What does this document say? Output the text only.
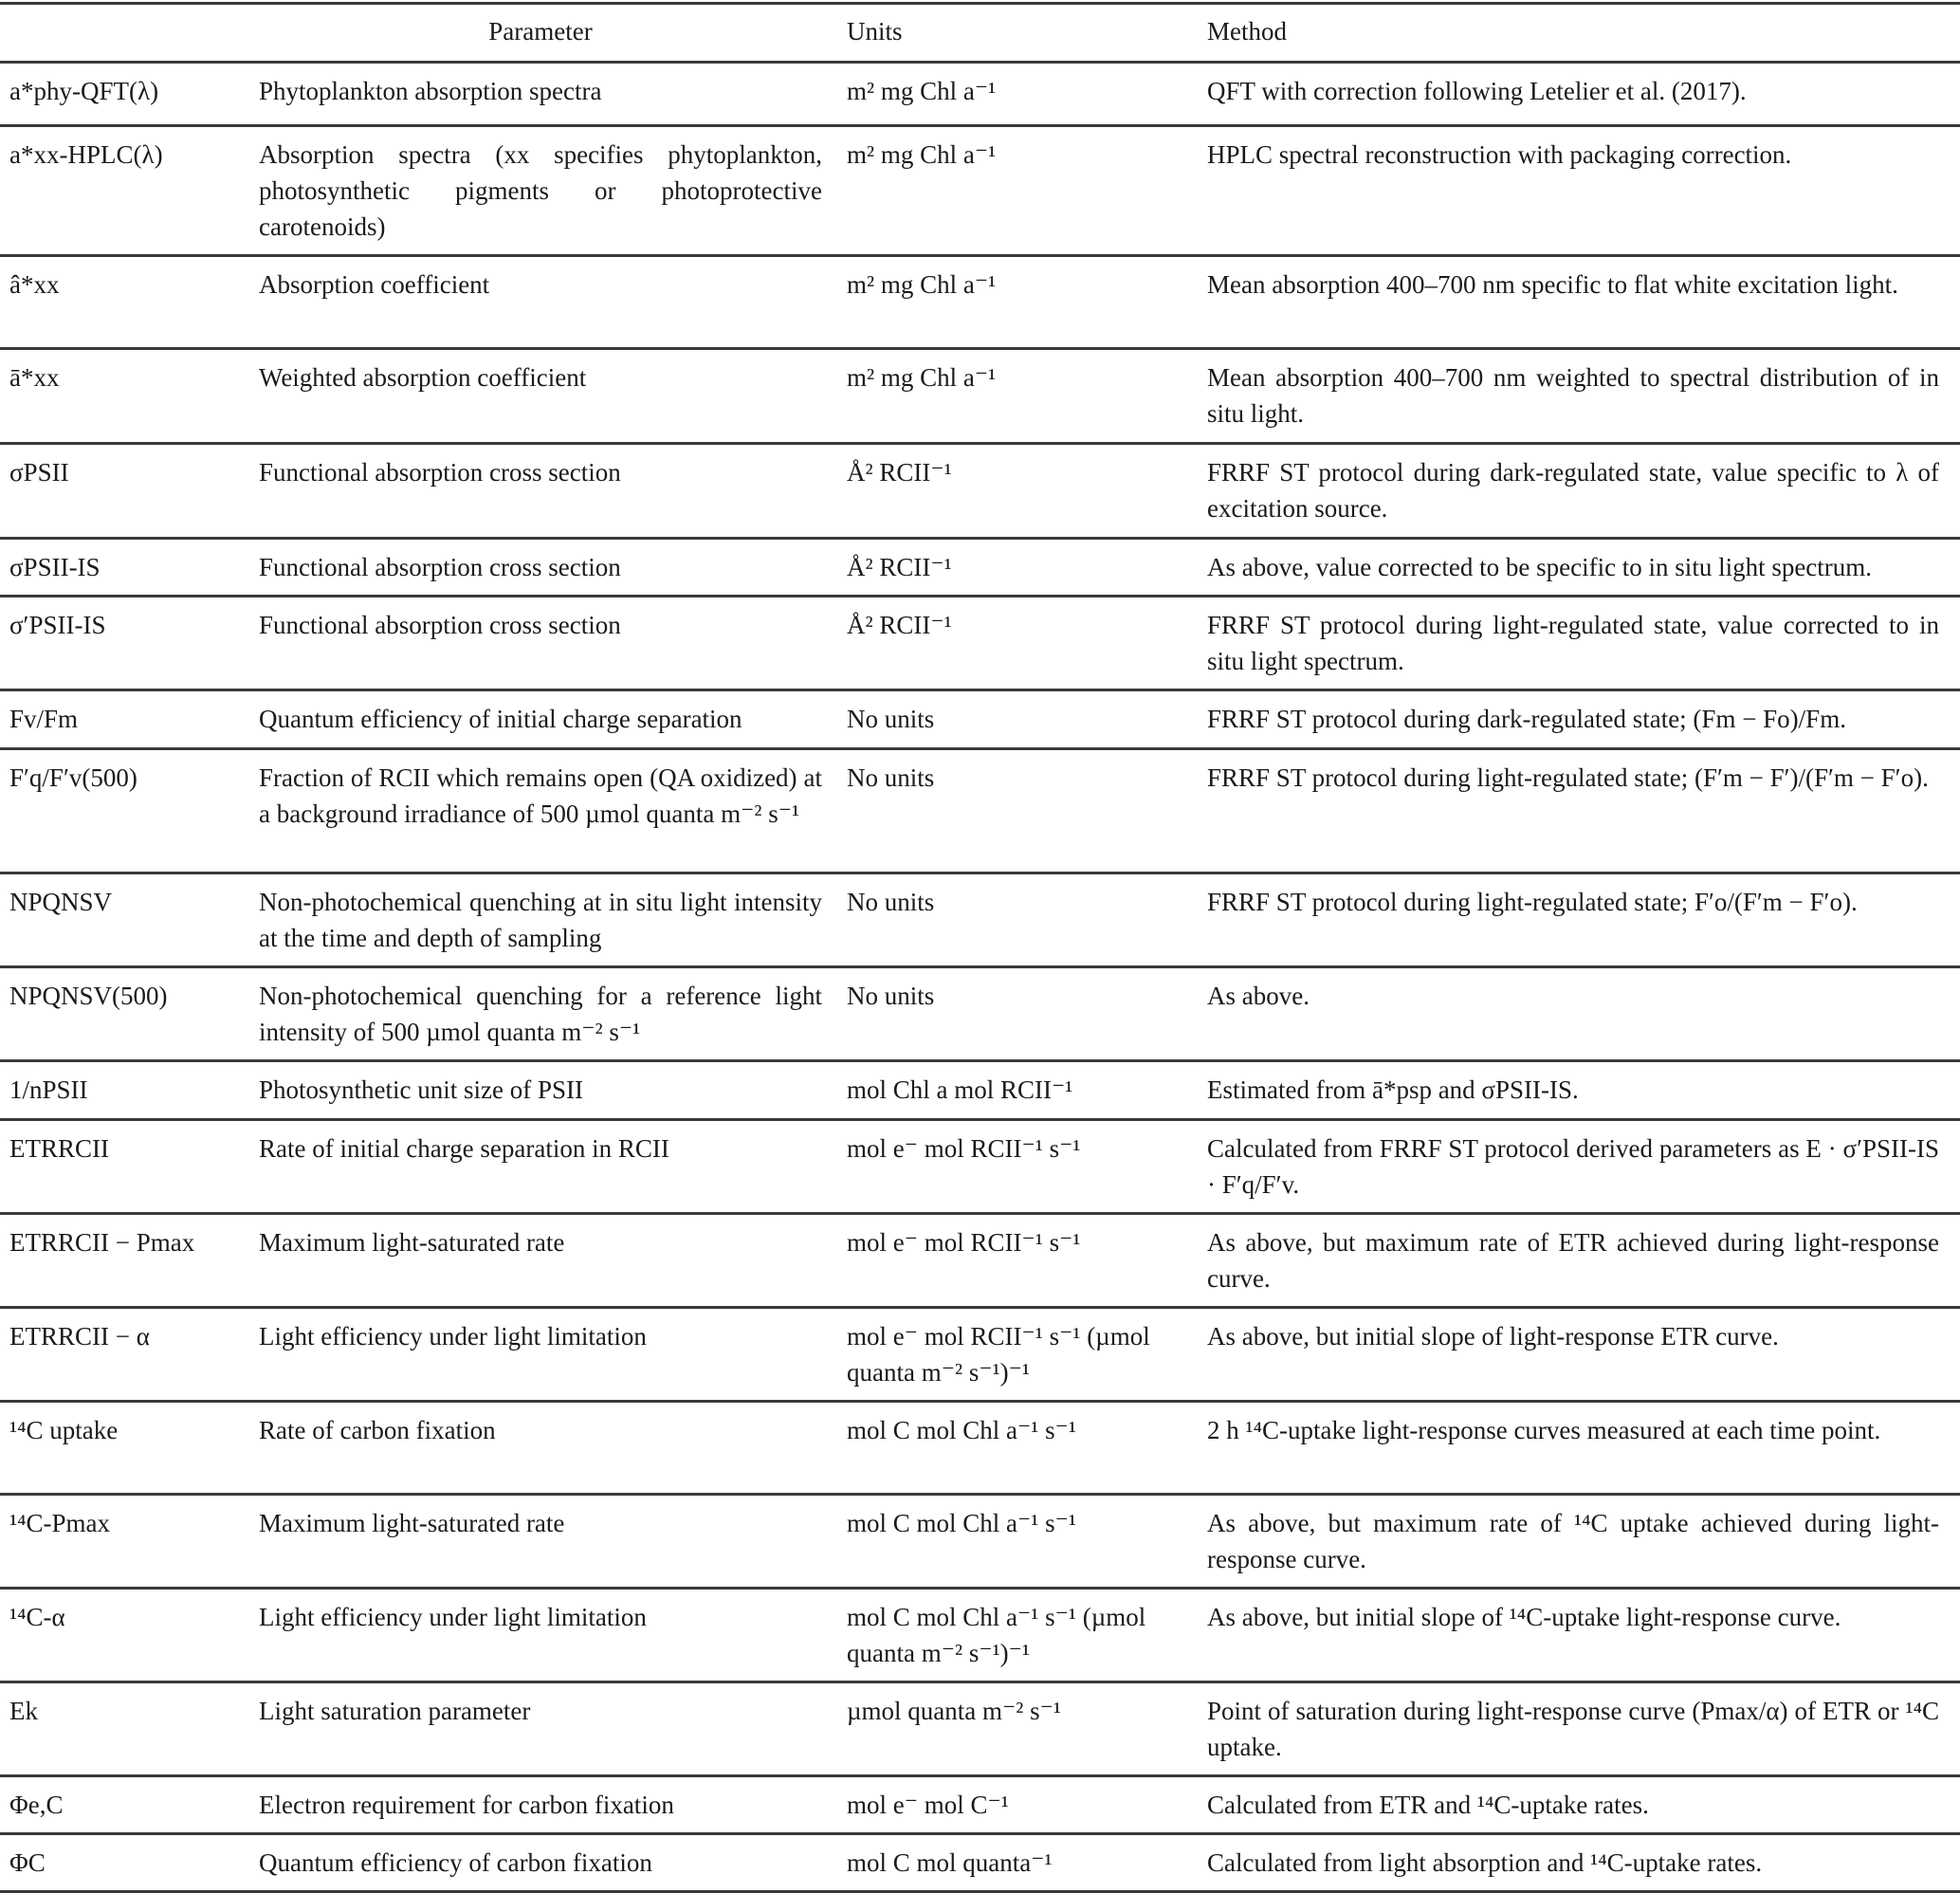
	Parameter	Units	Method
a*phy-QFT(λ)	Phytoplankton absorption spectra	m² mg Chl a⁻¹	QFT with correction following Letelier et al. (2017).
a*xx-HPLC(λ)	Absorption spectra (xx specifies phytoplankton, photosynthetic pigments or photoprotective carotenoids)	m² mg Chl a⁻¹	HPLC spectral reconstruction with packaging correction.
â*xx	Absorption coefficient	m² mg Chl a⁻¹	Mean absorption 400–700 nm specific to flat white excitation light.
ā*xx	Weighted absorption coefficient	m² mg Chl a⁻¹	Mean absorption 400–700 nm weighted to spectral distribution of in situ light.
σPSII	Functional absorption cross section	Å² RCII⁻¹	FRRF ST protocol during dark-regulated state, value specific to λ of excitation source.
σPSII-IS	Functional absorption cross section	Å² RCII⁻¹	As above, value corrected to be specific to in situ light spectrum.
σ′PSII-IS	Functional absorption cross section	Å² RCII⁻¹	FRRF ST protocol during light-regulated state, value corrected to in situ light spectrum.
Fv/Fm	Quantum efficiency of initial charge separation	No units	FRRF ST protocol during dark-regulated state; (Fm − Fo)/Fm.
F′q/F′v(500)	Fraction of RCII which remains open (QA oxidized) at a background irradiance of 500 µmol quanta m⁻² s⁻¹	No units	FRRF ST protocol during light-regulated state; (F′m − F′)/(F′m − F′o).
NPQNSV	Non-photochemical quenching at in situ light intensity at the time and depth of sampling	No units	FRRF ST protocol during light-regulated state; F′o/(F′m − F′o).
NPQNSV(500)	Non-photochemical quenching for a reference light intensity of 500 µmol quanta m⁻² s⁻¹	No units	As above.
1/nPSII	Photosynthetic unit size of PSII	mol Chl a mol RCII⁻¹	Estimated from ā*psp and σPSII-IS.
ETRRCII	Rate of initial charge separation in RCII	mol e⁻ mol RCII⁻¹ s⁻¹	Calculated from FRRF ST protocol derived parameters as E · σ′PSII-IS · F′q/F′v.
ETRRCII − Pmax	Maximum light-saturated rate	mol e⁻ mol RCII⁻¹ s⁻¹	As above, but maximum rate of ETR achieved during light-response curve.
ETRRCII − α	Light efficiency under light limitation	mol e⁻ mol RCII⁻¹ s⁻¹ (µmol quanta m⁻² s⁻¹)⁻¹	As above, but initial slope of light-response ETR curve.
¹⁴C uptake	Rate of carbon fixation	mol C mol Chl a⁻¹ s⁻¹	2 h ¹⁴C-uptake light-response curves measured at each time point.
¹⁴C-Pmax	Maximum light-saturated rate	mol C mol Chl a⁻¹ s⁻¹	As above, but maximum rate of ¹⁴C uptake achieved during light-response curve.
¹⁴C-α	Light efficiency under light limitation	mol C mol Chl a⁻¹ s⁻¹ (µmol quanta m⁻² s⁻¹)⁻¹	As above, but initial slope of ¹⁴C-uptake light-response curve.
Ek	Light saturation parameter	µmol quanta m⁻² s⁻¹	Point of saturation during light-response curve (Pmax/α) of ETR or ¹⁴C uptake.
Φe,C	Electron requirement for carbon fixation	mol e⁻ mol C⁻¹	Calculated from ETR and ¹⁴C-uptake rates.
ΦC	Quantum efficiency of carbon fixation	mol C mol quanta⁻¹	Calculated from light absorption and ¹⁴C-uptake rates.
